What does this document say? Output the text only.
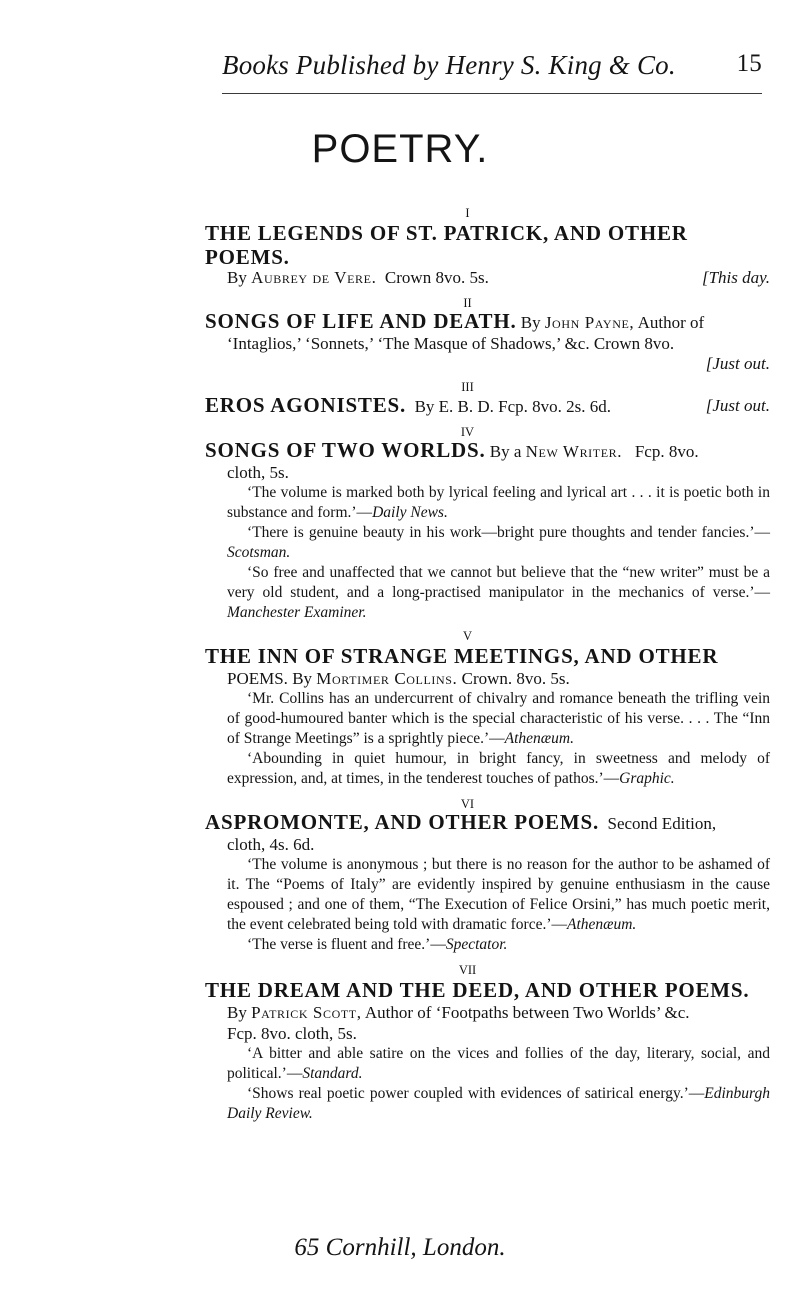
Books Published by Henry S. King & Co. 15
POETRY.
I
THE LEGENDS OF ST. PATRICK, AND OTHER POEMS.
By Aubrey de Vere. Crown 8vo. 5s.	[This day.
II
SONGS OF LIFE AND DEATH. By John Payne, Author of
‘Intaglios,’ ‘Sonnets,’ ‘The Masque of Shadows,’ &c. Crown 8vo.
[Just out.
III
EROS AGONISTES. By E. B. D. Fcp. 8vo. 2s. 6d.	[Just out.
IV
SONGS OF TWO WORLDS. By a New Writer. Fcp. 8vo.
cloth, 5s.
‘The volume is marked both by lyrical feeling and lyrical art . . . it is poetic both in substance and form.’—Daily News.
‘There is genuine beauty in his work—bright pure thoughts and tender fancies.’—Scotsman.
‘So free and unaffected that we cannot but believe that the “new writer” must be a very old student, and a long-practised manipulator in the mechanics of verse.’—Manchester Examiner.
V
THE INN OF STRANGE MEETINGS, AND OTHER
POEMS. By Mortimer Collins. Crown. 8vo. 5s.
‘Mr. Collins has an undercurrent of chivalry and romance beneath the trifling vein of good-humoured banter which is the special characteristic of his verse. . . . The “Inn of Strange Meetings” is a sprightly piece.’—Athenæum.
‘Abounding in quiet humour, in bright fancy, in sweetness and melody of expression, and, at times, in the tenderest touches of pathos.’—Graphic.
VI
ASPROMONTE, AND OTHER POEMS. Second Edition,
cloth, 4s. 6d.
‘The volume is anonymous ; but there is no reason for the author to be ashamed of it. The “Poems of Italy” are evidently inspired by genuine enthusiasm in the cause espoused ; and one of them, “The Execution of Felice Orsini,” has much poetic merit, the event celebrated being told with dramatic force.’—Athenæum.
‘The verse is fluent and free.’—Spectator.
VII
THE DREAM AND THE DEED, AND OTHER POEMS.
By Patrick Scott, Author of ‘Footpaths between Two Worlds’ &c.
Fcp. 8vo. cloth, 5s.
‘A bitter and able satire on the vices and follies of the day, literary, social, and political.’—Standard.
‘Shows real poetic power coupled with evidences of satirical energy.’—Edinburgh Daily Review.
65 Cornhill, London.
